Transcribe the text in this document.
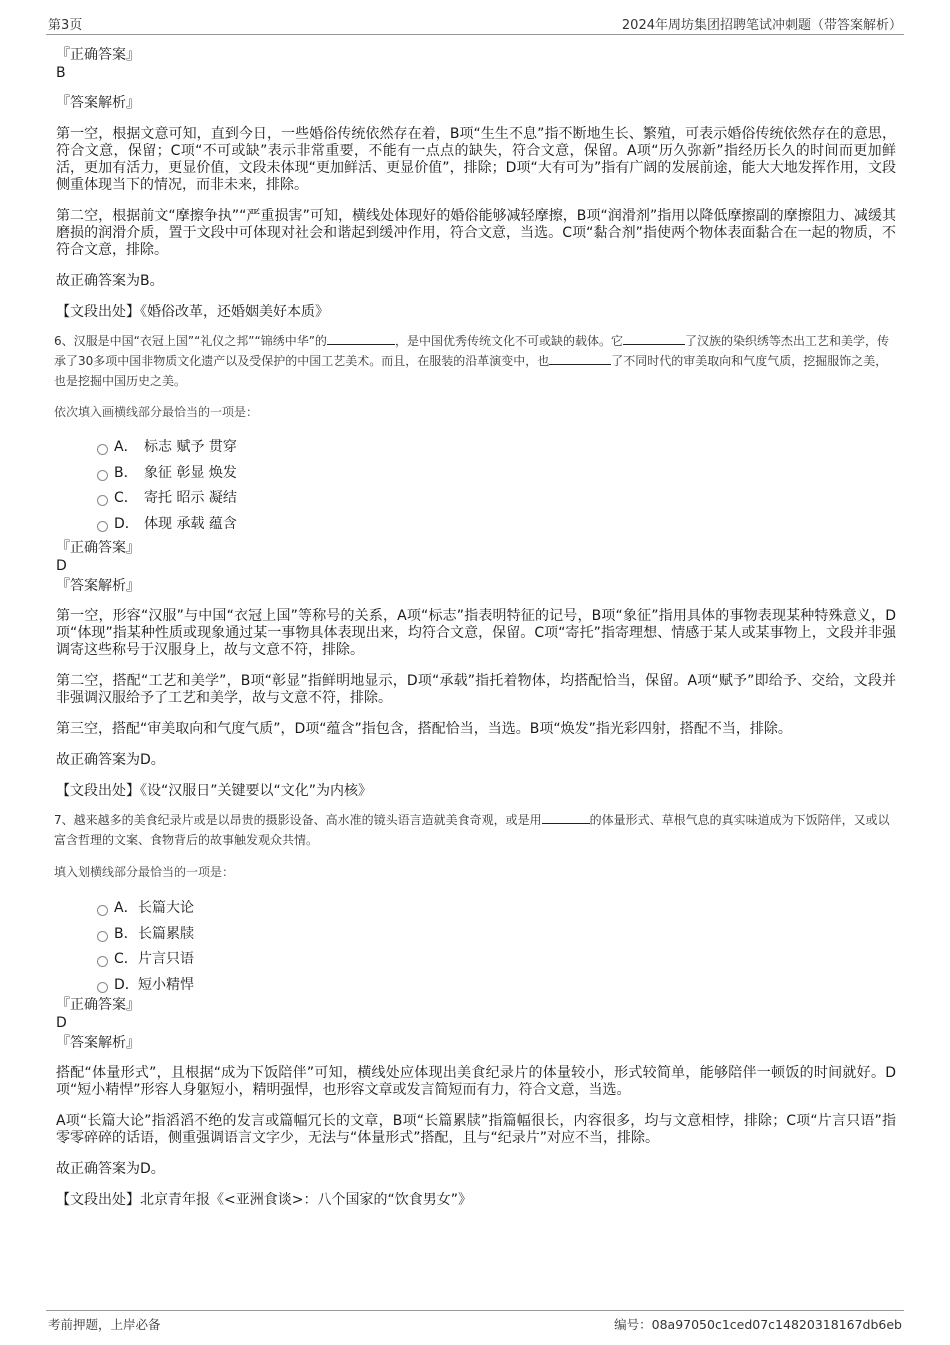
第3页	2024年周坊集团招聘笔试冲刺题（带答案解析）

『正确答案』

B

『答案解析』

第一空，根据文意可知，直到今日，一些婚俗传统依然存在着，B项“生生不息”指不断地生长、繁殖，可表示婚俗传统依然存在的意思，符合文意，保留；C项“不可或缺”表示非常重要，不能有一点点的缺失，符合文意，保留。A项“历久弥新”指经历长久的时间而更加鲜活，更加有活力，更显价值，文段未体现“更加鲜活、更显价值”，排除；D项“大有可为”指有广阔的发展前途，能大大地发挥作用，文段侧重体现当下的情况，而非未来，排除。

第二空，根据前文“摩擦争执”“严重损害”可知，横线处体现好的婚俗能够减轻摩擦，B项“润滑剂”指用以降低摩擦副的摩擦阻力、减缓其磨损的润滑介质，置于文段中可体现对社会和谐起到缓冲作用，符合文意，当选。C项“黏合剂”指使两个物体表面黏合在一起的物质，不符合文意，排除。

故正确答案为B。

【文段出处】《婚俗改革，还婚姻美好本质》

6、汉服是中国“衣冠上国”“礼仪之邦”“锦绣中华”的	，是中国优秀传统文化不可或缺的载体。它	了汉族的染织绣等杰出工艺和美学，传承了30多项中国非物质文化遗产以及受保护的中国工艺美术。而且，在服装的沿革演变中，也	了不同时代的审美取向和气度气质，挖掘服饰之美，也是挖掘中国历史之美。

依次填入画横线部分最恰当的一项是：

A． 标志 赋予 贯穿
B． 象征 彰显 焕发
C． 寄托 昭示 凝结
D． 体现 承载 蕴含

『正确答案』

D

『答案解析』

第一空，形容“汉服”与中国“衣冠上国”等称号的关系，A项“标志”指表明特征的记号，B项“象征”指用具体的事物表现某种特殊意义，D项“体现”指某种性质或现象通过某一事物具体表现出来，均符合文意，保留。C项“寄托”指寄理想、情感于某人或某事物上，文段并非强调寄这些称号于汉服身上，故与文意不符，排除。

第二空，搭配“工艺和美学”，B项“彰显”指鲜明地显示，D项“承载”指托着物体，均搭配恰当，保留。A项“赋予”即给予、交给，文段并非强调汉服给予了工艺和美学，故与文意不符，排除。

第三空，搭配“审美取向和气度气质”，D项“蕴含”指包含，搭配恰当，当选。B项“焕发”指光彩四射，搭配不当，排除。

故正确答案为D。

【文段出处】《设“汉服日”关键要以“文化”为内核》

7、越来越多的美食纪录片或是以昂贵的摄影设备、高水准的镜头语言造就美食奇观，或是用	的体量形式、草根气息的真实味道成为下饭陪伴，又或以富含哲理的文案、食物背后的故事触发观众共情。

填入划横线部分最恰当的一项是：

A．长篇大论
B．长篇累牍
C．片言只语
D．短小精悍

『正确答案』

D

『答案解析』

搭配“体量形式”，且根据“成为下饭陪伴”可知，横线处应体现出美食纪录片的体量较小，形式较简单，能够陪伴一顿饭的时间就好。D项“短小精悍”形容人身躯短小，精明强悍，也形容文章或发言简短而有力，符合文意，当选。

A项“长篇大论”指滔滔不绝的发言或篇幅冗长的文章，B项“长篇累牍”指篇幅很长，内容很多，均与文意相悖，排除；C项“片言只语”指零零碎碎的话语，侧重强调语言文字少，无法与“体量形式”搭配，且与“纪录片”对应不当，排除。

故正确答案为D。

【文段出处】北京青年报《<亚洲食谈>：八个国家的“饮食男女”》

考前押题，上岸必备	编号：08a97050c1ced07c14820318167db6eb
